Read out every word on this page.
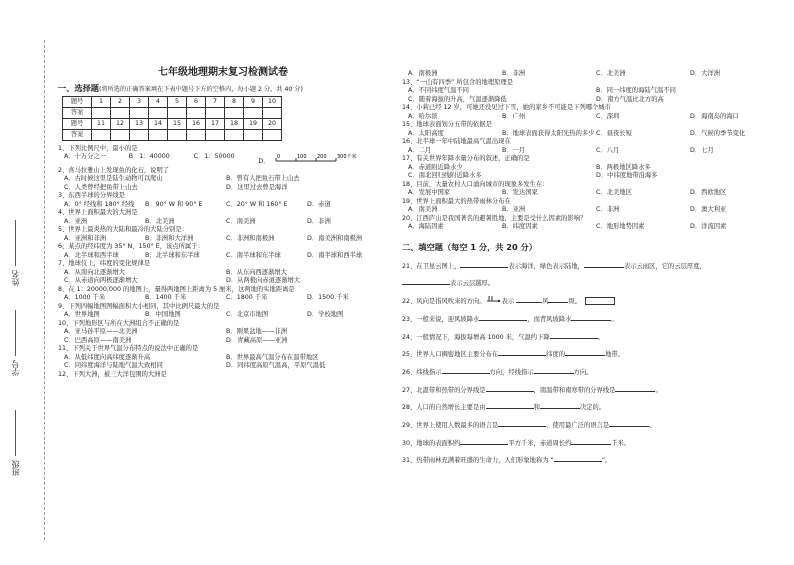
姓名
学号
班级
七年级地理期末复习检测试卷
一、选择题(将所选的正确答案填在下表中题号下方的空格内，每小题 2 分，共 40 分)
题号	1	2	3	4	5	6	7	8	9	10
答案										
题号	11	12	13	14	15	16	17	18	19	20
答案										

1、下列比例尺中，最小的是

A．十万分之一	B．1：40000	C．1：50000
D．
0	100 200 300千米

2、喜马拉雅山上发现鱼的化石，说明了

A．古时候这里是陆生动物可以爬山	B．曾有人把鱼石带上山去
C．人类曾经把鱼带上山去	D．这里过去曾是海洋

3、东西半球的分界线是

A．0° 经线和 180° 经线	B．90° W 和 90° E	C．20° W 和 160° E	D．赤道

4、世界上面积最大的大洲是

A．亚洲	B．北美洲	C．南美洲	D．非洲

5、世界上最炎热的大陆和最冷的大陆分别是：

A．亚洲和非洲	B．非洲和大洋洲	C．非洲和南极洲	D．南美洲和南极洲

6、某点的经纬度为 35° N、150° E，该点所属于：

A．北半球和西半球	B．北半球和东半球	C．南半球和东半球	D．南半球和西半球

7、地球仪上，纬度的变化规律是

A．从南向北逐渐增大	B．从东向西逐渐增大
C．从赤道向两极逐渐增大	D．从两极向赤道逐渐增大

8、在 1：20000,000 的地图上，量得两地图上距离为 5 厘米，这两地的实地距离是

A．1000 千米	B．1400 千米	C．1800 千米	D．1500 千米

9、下列四幅地图图幅面积大小相同，其中比例尺最大的是

A．世界地图	B．中国地图	C．北京市地图	D．学校地图

10、下列地形区与所在大洲组合不正确的是

A．亚马孙平原——北美洲	B．刚果盆地——非洲
C．巴西高原——南美洲	D．青藏高原——亚洲

11、下列关于世界气温分布特点的说法中正确的是

A．从低纬度向高纬度逐渐升高	B．世界最高气温分布在温带地区
C．同纬度海洋与陆地气温大致相同	D．同纬度高原气温高，平原气温低

12、下列大洲，被三大洋包围的大洲是

A．南极洲	B．非洲	C．北美洲	D．大洋洲

13、“一山有四季” 所包含的地理原理是

A．不同纬度气温不同	B．同一纬度的海陆气温不同
C．随着海拔的升高，气温逐渐降低	D．南方气温比北方的高

14、小莉已经 12 岁，可她还没见过下雪，她的家乡不可能是下列哪个城市

A．哈尔滨	B．广州	C．深圳	D．海南岛的海口

15、地球表面划分五带的依据是

A．太阳高度	B．地球表面获得太阳光热的多少 C．昼夜长短	D．气候的季节变化

16、北半球一年中陆地最高气温出现在

A．二月	B．一月	C．八月	D．七月

17、有关世界年降水量分布的叙述，正确的是

A．赤道附近降水少	B．两极地区降水多
C．南北回归线附近降水多	D．中纬度地带沿海多

18、目前，大量农村人口涌向城市的现象多发生在：

A．发展中国家	B．发达国家	C．北美地区	D．西欧地区

19、世界上面积最大的热带雨林分布在

A．南美洲	B．亚洲	C．非洲	D．澳大利亚

20、江西庐山是我国著名的避暑胜地，主要是受什么因素的影响？

A．海陆因素	B．纬度因素	C．地形地势因素	D．洋流因素
二、填空题（每空 1 分，共 20 分）

21、在卫星云图上，	表示海洋，绿色表示陆地，	表示云雨区，它的云层厚度，

表示云层越厚。

22、风向是指风吹来的方向。 表示	风	级。

23、一般来说，迎风坡降水	，而背风坡降水	。

24、一般情况下，海拔每增高 1000 米，气温约下降	。

25、世界人口稠密地区主要分布在	纬度的	地带。

26、纬线指示	方向，经线指示	方向。

27、北温带和热带的分界线是	，南温带和南寒带的分界线是	。

28、人口的自然增长主要是由	和	决定的。

29、世界上使用人数最多的语言是	，使用最广泛的语言是	。

30、地球的表面积约	平方千米，赤道周长约	千米。

31、热带雨林充满着旺盛的生命力，人们形象地称为 “	”。
